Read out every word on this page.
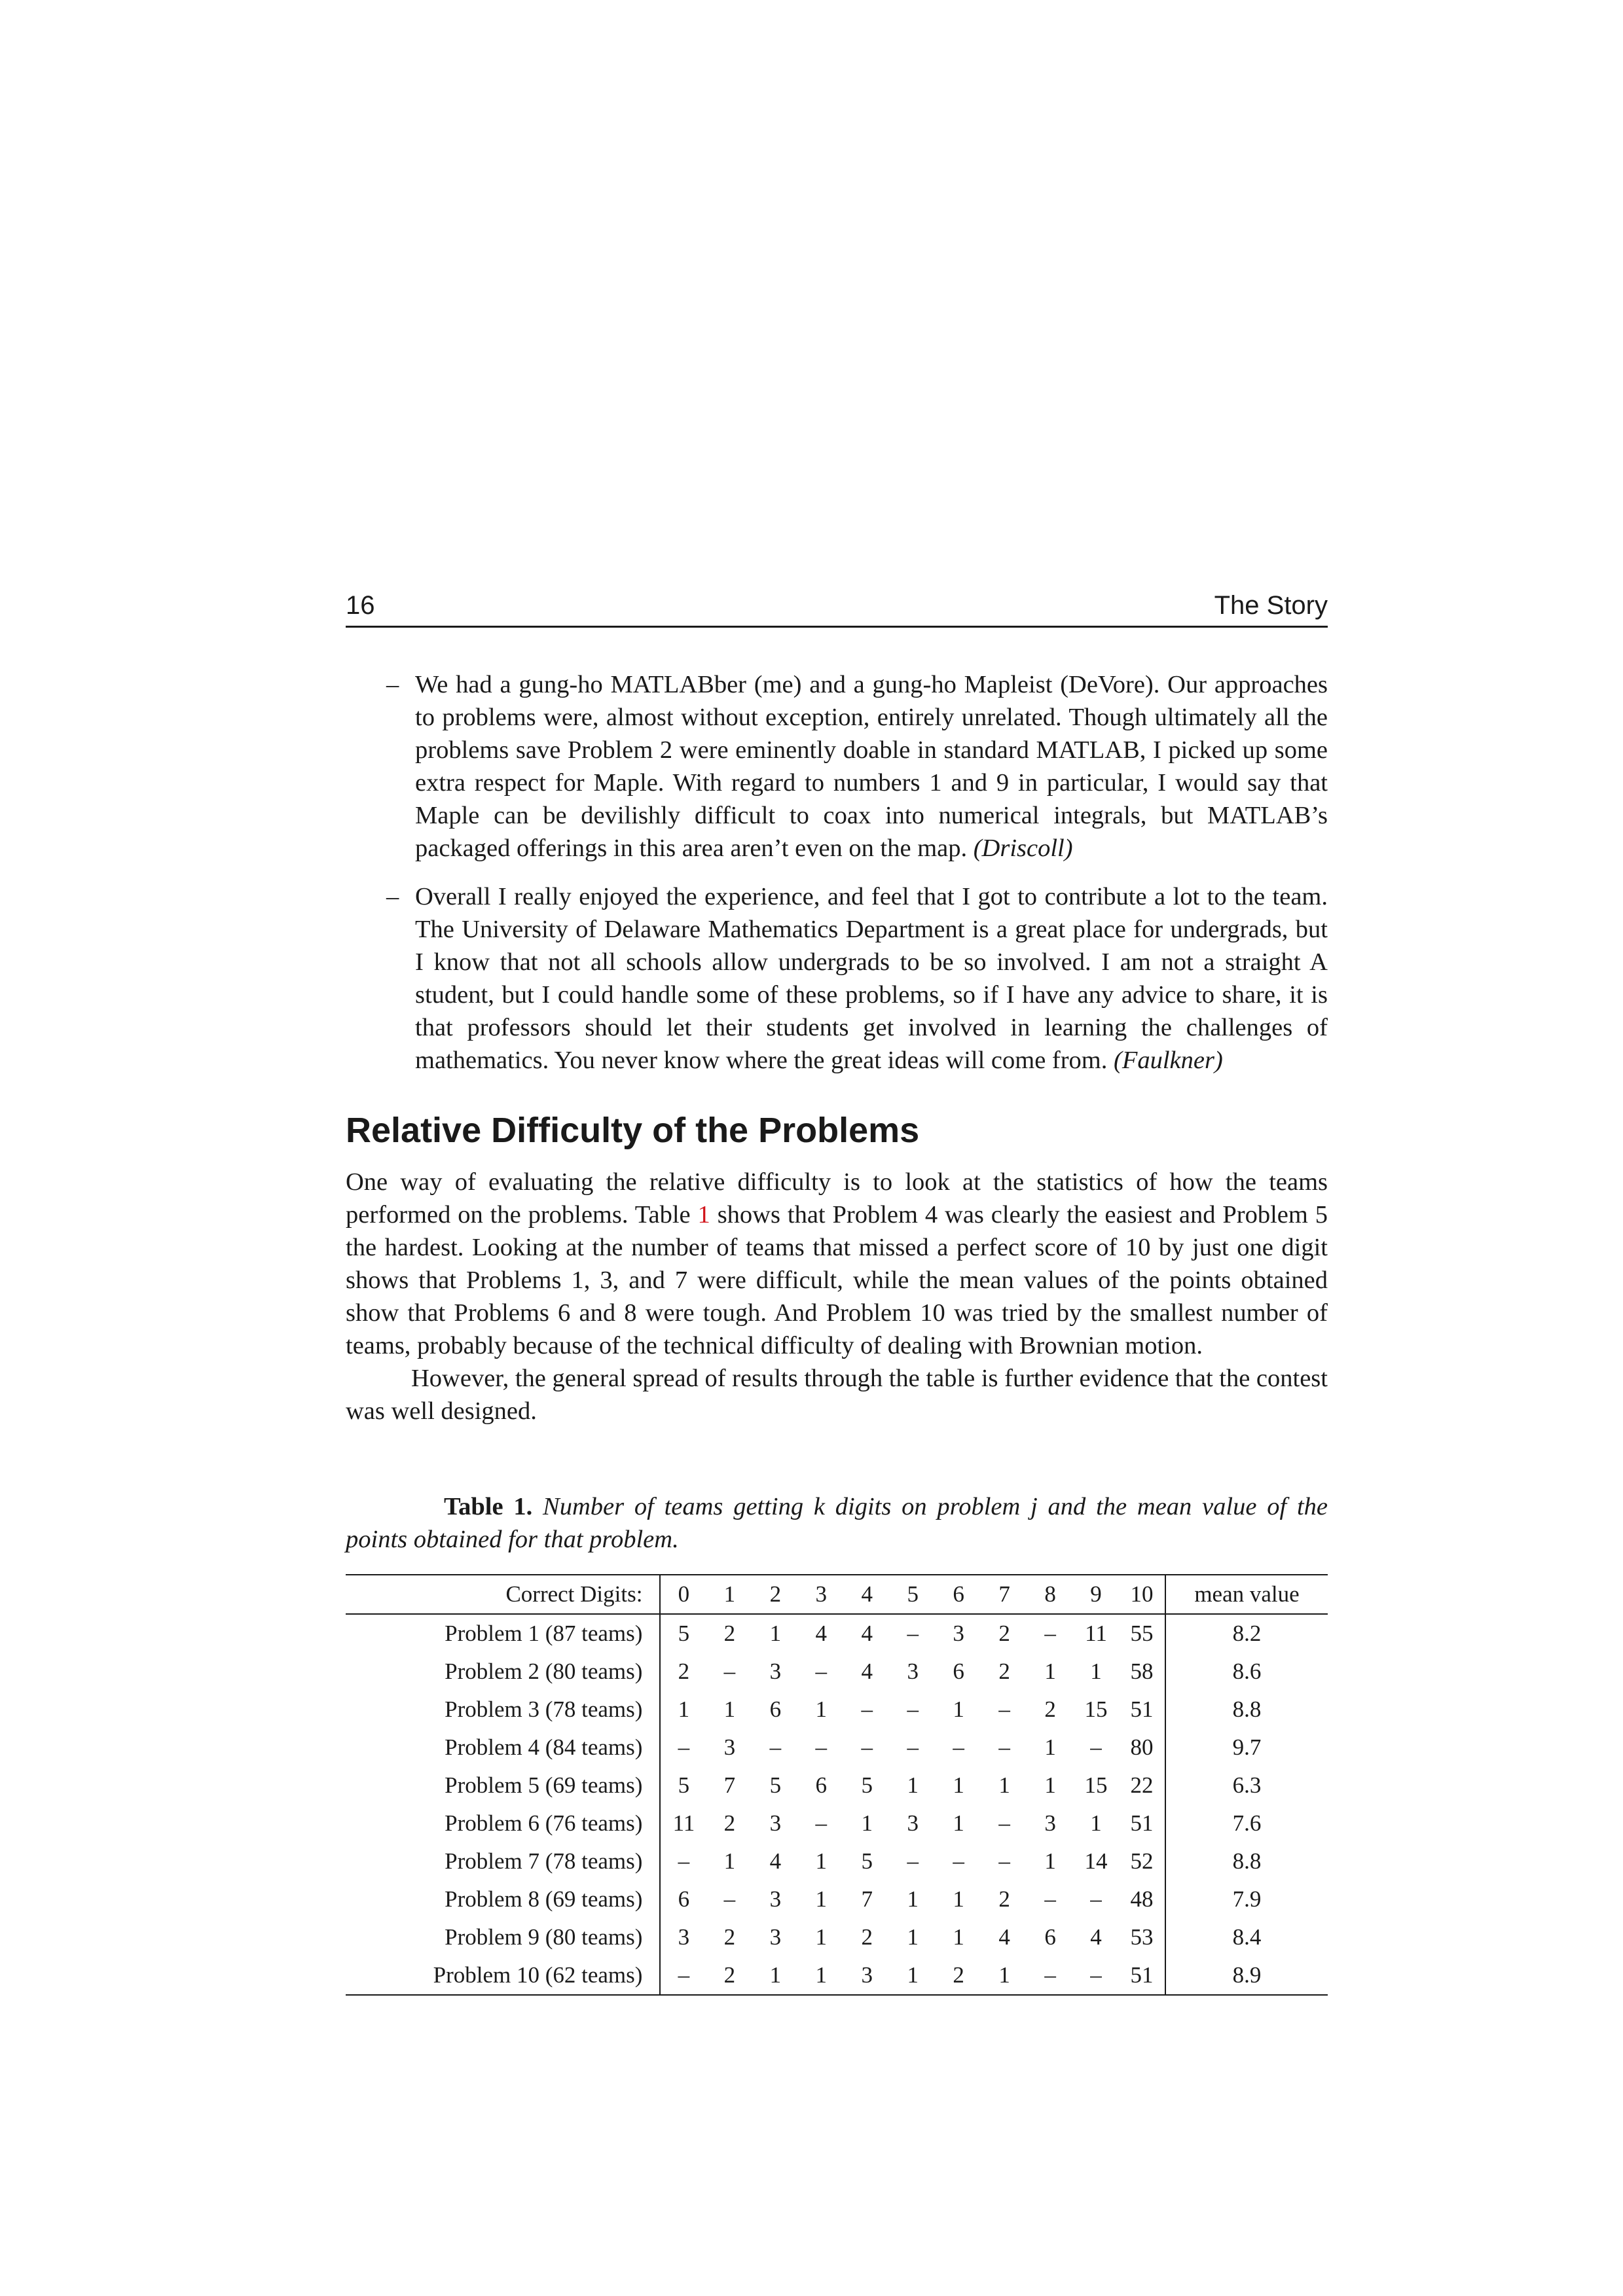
16	The Story
– We had a gung-ho MATLABber (me) and a gung-ho Mapleist (DeVore). Our approaches to problems were, almost without exception, entirely unrelated. Though ultimately all the problems save Problem 2 were eminently doable in standard MATLAB, I picked up some extra respect for Maple. With regard to numbers 1 and 9 in particular, I would say that Maple can be devilishly difficult to coax into numerical integrals, but MATLAB’s packaged offerings in this area aren’t even on the map. (Driscoll)
– Overall I really enjoyed the experience, and feel that I got to contribute a lot to the team. The University of Delaware Mathematics Department is a great place for undergrads, but I know that not all schools allow undergrads to be so involved. I am not a straight A student, but I could handle some of these problems, so if I have any advice to share, it is that professors should let their students get involved in learning the challenges of mathematics. You never know where the great ideas will come from. (Faulkner)
Relative Difficulty of the Problems

One way of evaluating the relative difficulty is to look at the statistics of how the teams performed on the problems. Table 1 shows that Problem 4 was clearly the easiest and Problem 5 the hardest. Looking at the number of teams that missed a perfect score of 10 by just one digit shows that Problems 1, 3, and 7 were difficult, while the mean values of the points obtained show that Problems 6 and 8 were tough. And Problem 10 was tried by the smallest number of teams, probably because of the technical difficulty of dealing with Brownian motion.

However, the general spread of results through the table is further evidence that the contest was well designed.

Table 1. Number of teams getting k digits on problem j and the mean value of the points obtained for that problem.
Correct Digits:	0	1	2	3	4	5	6	7	8	9	10	mean value
Problem 1 (87 teams)	5	2	1	4	4	–	3	2	–	11	55	8.2
Problem 2 (80 teams)	2	–	3	–	4	3	6	2	1	1	58	8.6
Problem 3 (78 teams)	1	1	6	1	–	–	1	–	2	15	51	8.8
Problem 4 (84 teams)	–	3	–	–	–	–	–	–	1	–	80	9.7
Problem 5 (69 teams)	5	7	5	6	5	1	1	1	1	15	22	6.3
Problem 6 (76 teams)	11	2	3	–	1	3	1	–	3	1	51	7.6
Problem 7 (78 teams)	–	1	4	1	5	–	–	–	1	14	52	8.8
Problem 8 (69 teams)	6	–	3	1	7	1	1	2	–	–	48	7.9
Problem 9 (80 teams)	3	2	3	1	2	1	1	4	6	4	53	8.4
Problem 10 (62 teams)	–	2	1	1	3	1	2	1	–	–	51	8.9
